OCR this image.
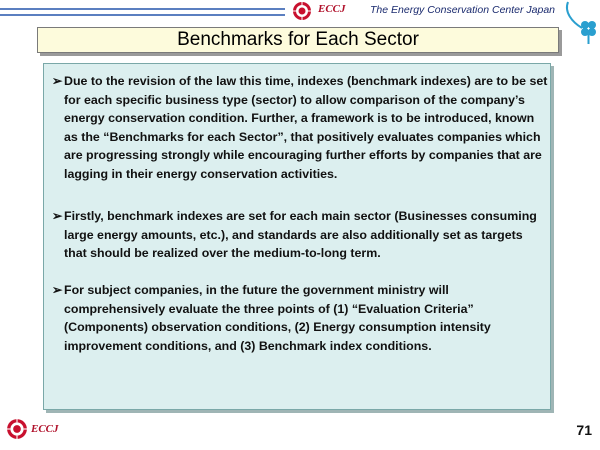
ECCJ The Energy Conservation Center Japan
Benchmarks for Each Sector
➢ Due to the revision of the law this time, indexes (benchmark indexes) are to be set for each specific business type (sector) to allow comparison of the company’s energy conservation condition. Further, a framework is to be introduced, known as the “Benchmarks for each Sector”, that positively evaluates companies which are progressing strongly while encouraging further efforts by companies that are lagging in their energy conservation activities.
➢ Firstly, benchmark indexes are set for each main sector (Businesses consuming large energy amounts, etc.), and standards are also additionally set as targets that should be realized over the medium-to-long term.
➢ For subject companies, in the future the government ministry will comprehensively evaluate the three points of (1) “Evaluation Criteria” (Components) observation conditions, (2) Energy consumption intensity improvement conditions, and (3) Benchmark index conditions.
ECCJ	71
